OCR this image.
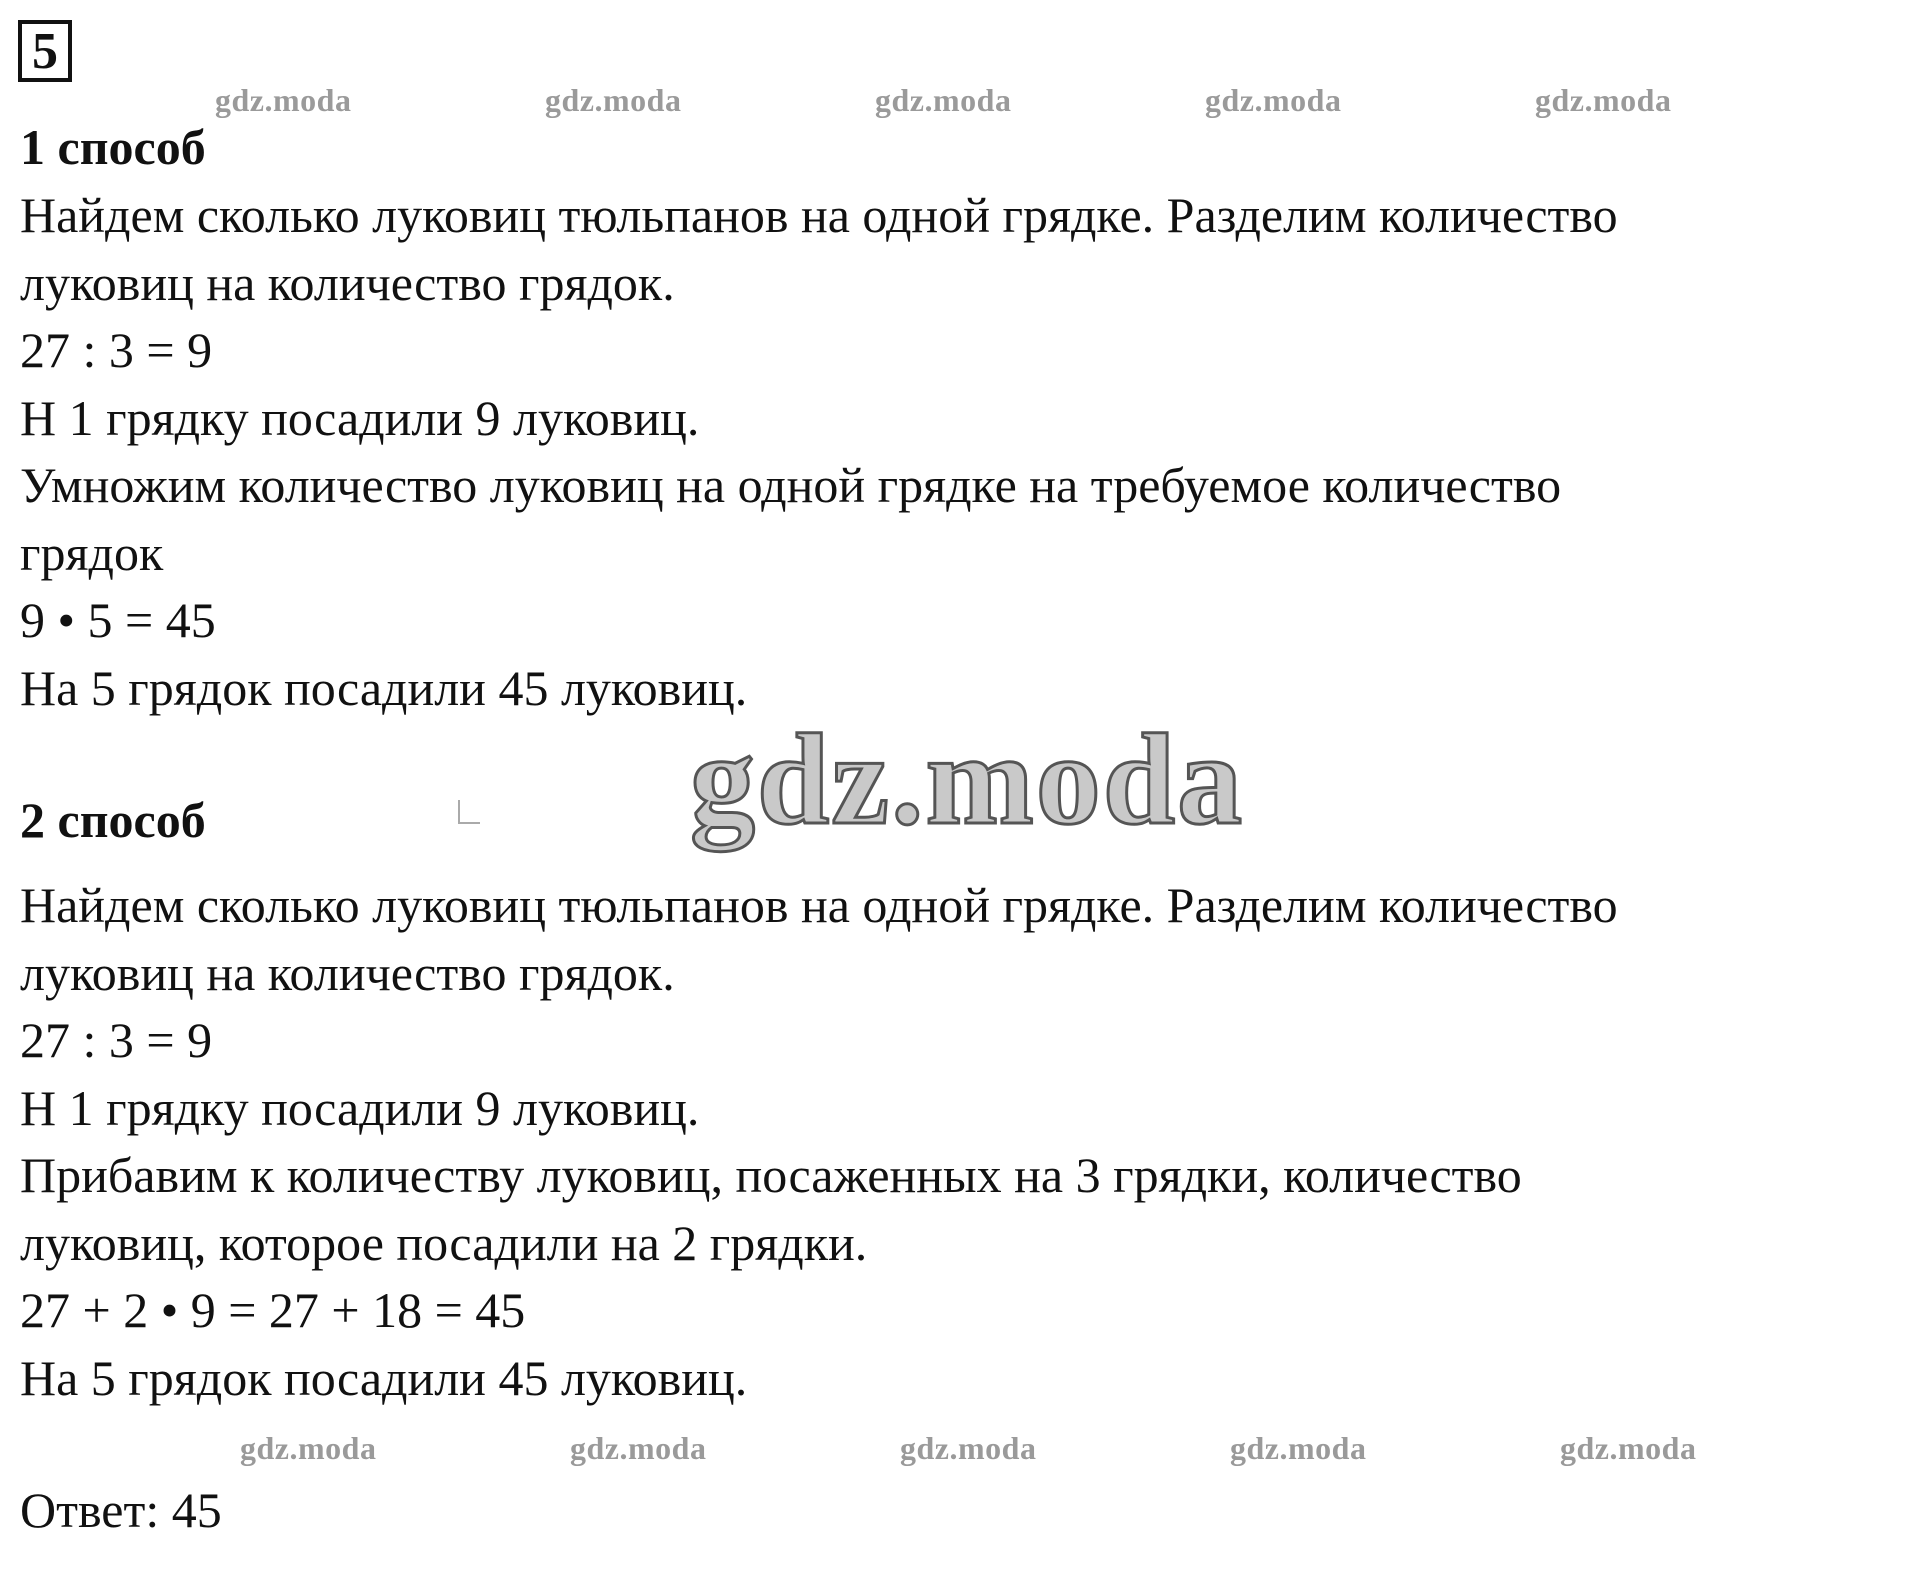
5
gdz.moda	gdz.moda	gdz.moda	gdz.moda	gdz.moda
1 способ
Найдем сколько луковиц тюльпанов на одной грядке. Разделим количество
луковиц на количество грядок.
27 : 3 = 9
Н 1 грядку посадили 9 луковиц.
Умножим количество луковиц на одной грядке на требуемое количество
грядок
9 • 5 = 45
На 5 грядок посадили 45 луковиц.
gdz.moda
2 способ
Найдем сколько луковиц тюльпанов на одной грядке. Разделим количество
луковиц на количество грядок.
27 : 3 = 9
Н 1 грядку посадили 9 луковиц.
Прибавим к количеству луковиц, посаженных на 3 грядки, количество
луковиц, которое посадили на 2 грядки.
27 + 2 • 9 = 27 + 18 = 45
На 5 грядок посадили 45 луковиц.
gdz.moda	gdz.moda	gdz.moda	gdz.moda	gdz.moda
Ответ: 45
